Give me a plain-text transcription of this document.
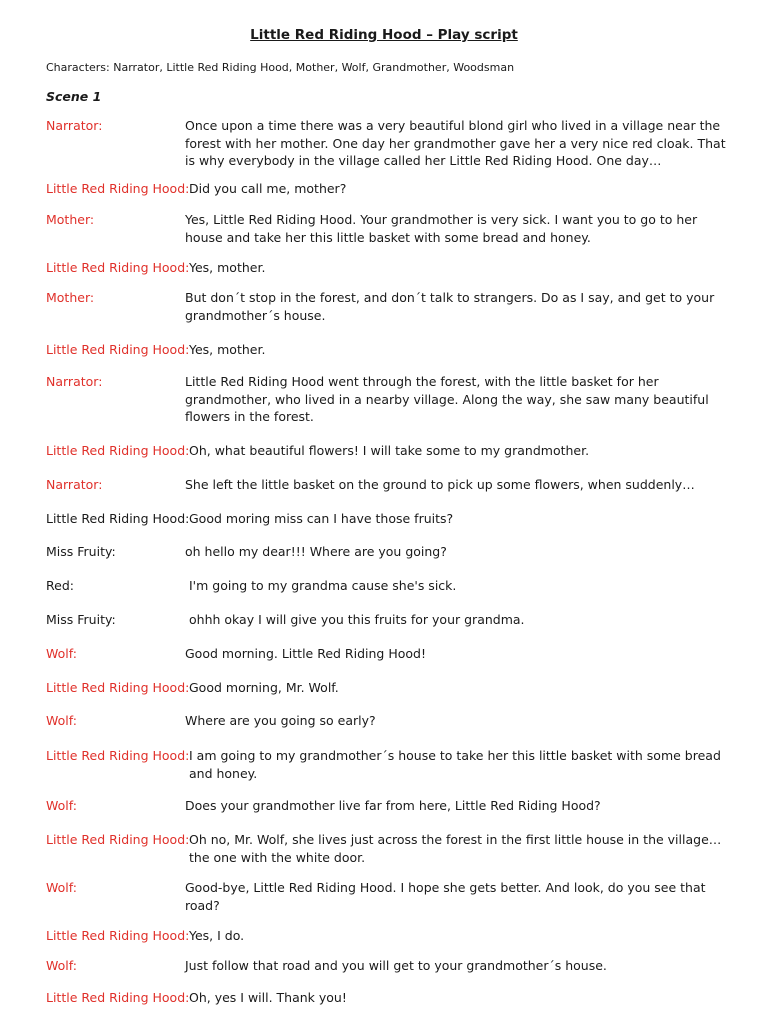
Little Red Riding Hood – Play script
Characters: Narrator, Little Red Riding Hood, Mother, Wolf, Grandmother, Woodsman
Scene 1
Narrator:	Once upon a time there was a very beautiful blond girl who lived in a village near the forest with her mother. One day her grandmother gave her a very nice red cloak. That is why everybody in the village called her Little Red Riding Hood. One day…
Little Red Riding Hood: Did you call me, mother?
Mother:	Yes, Little Red Riding Hood. Your grandmother is very sick. I want you to go to her house and take her this little basket with some bread and honey.
Little Red Riding Hood: Yes, mother.
Mother:	But don´t stop in the forest, and don´t talk to strangers. Do as I say, and get to your grandmother´s house.
Little Red Riding Hood: Yes, mother.
Narrator:	Little Red Riding Hood went through the forest, with the little basket for her grandmother, who lived in a nearby village. Along the way, she saw many beautiful flowers in the forest.
Little Red Riding Hood: Oh, what beautiful flowers! I will take some to my grandmother.
Narrator:	She left the little basket on the ground to pick up some flowers, when suddenly…
Little Red Riding Hood: Good moring miss can I have those fruits?
Miss Fruity:	oh hello my dear!!! Where are you going?
Red:	I'm going to my grandma cause she's sick.
Miss Fruity:	ohhh okay I will give you this fruits for your grandma.
Wolf:	Good morning. Little Red Riding Hood!
Little Red Riding Hood: Good morning, Mr. Wolf.
Wolf:	Where are you going so early?
Little Red Riding Hood: I am going to my grandmother´s house to take her this little basket with some bread and honey.
Wolf:	Does your grandmother live far from here, Little Red Riding Hood?
Little Red Riding Hood: Oh no, Mr. Wolf, she lives just across the forest in the first little house in the village… the one with the white door.
Wolf:	Good-bye, Little Red Riding Hood. I hope she gets better. And look, do you see that road?
Little Red Riding Hood: Yes, I do.
Wolf:	Just follow that road and you will get to your grandmother´s house.
Little Red Riding Hood: Oh, yes I will. Thank you!
